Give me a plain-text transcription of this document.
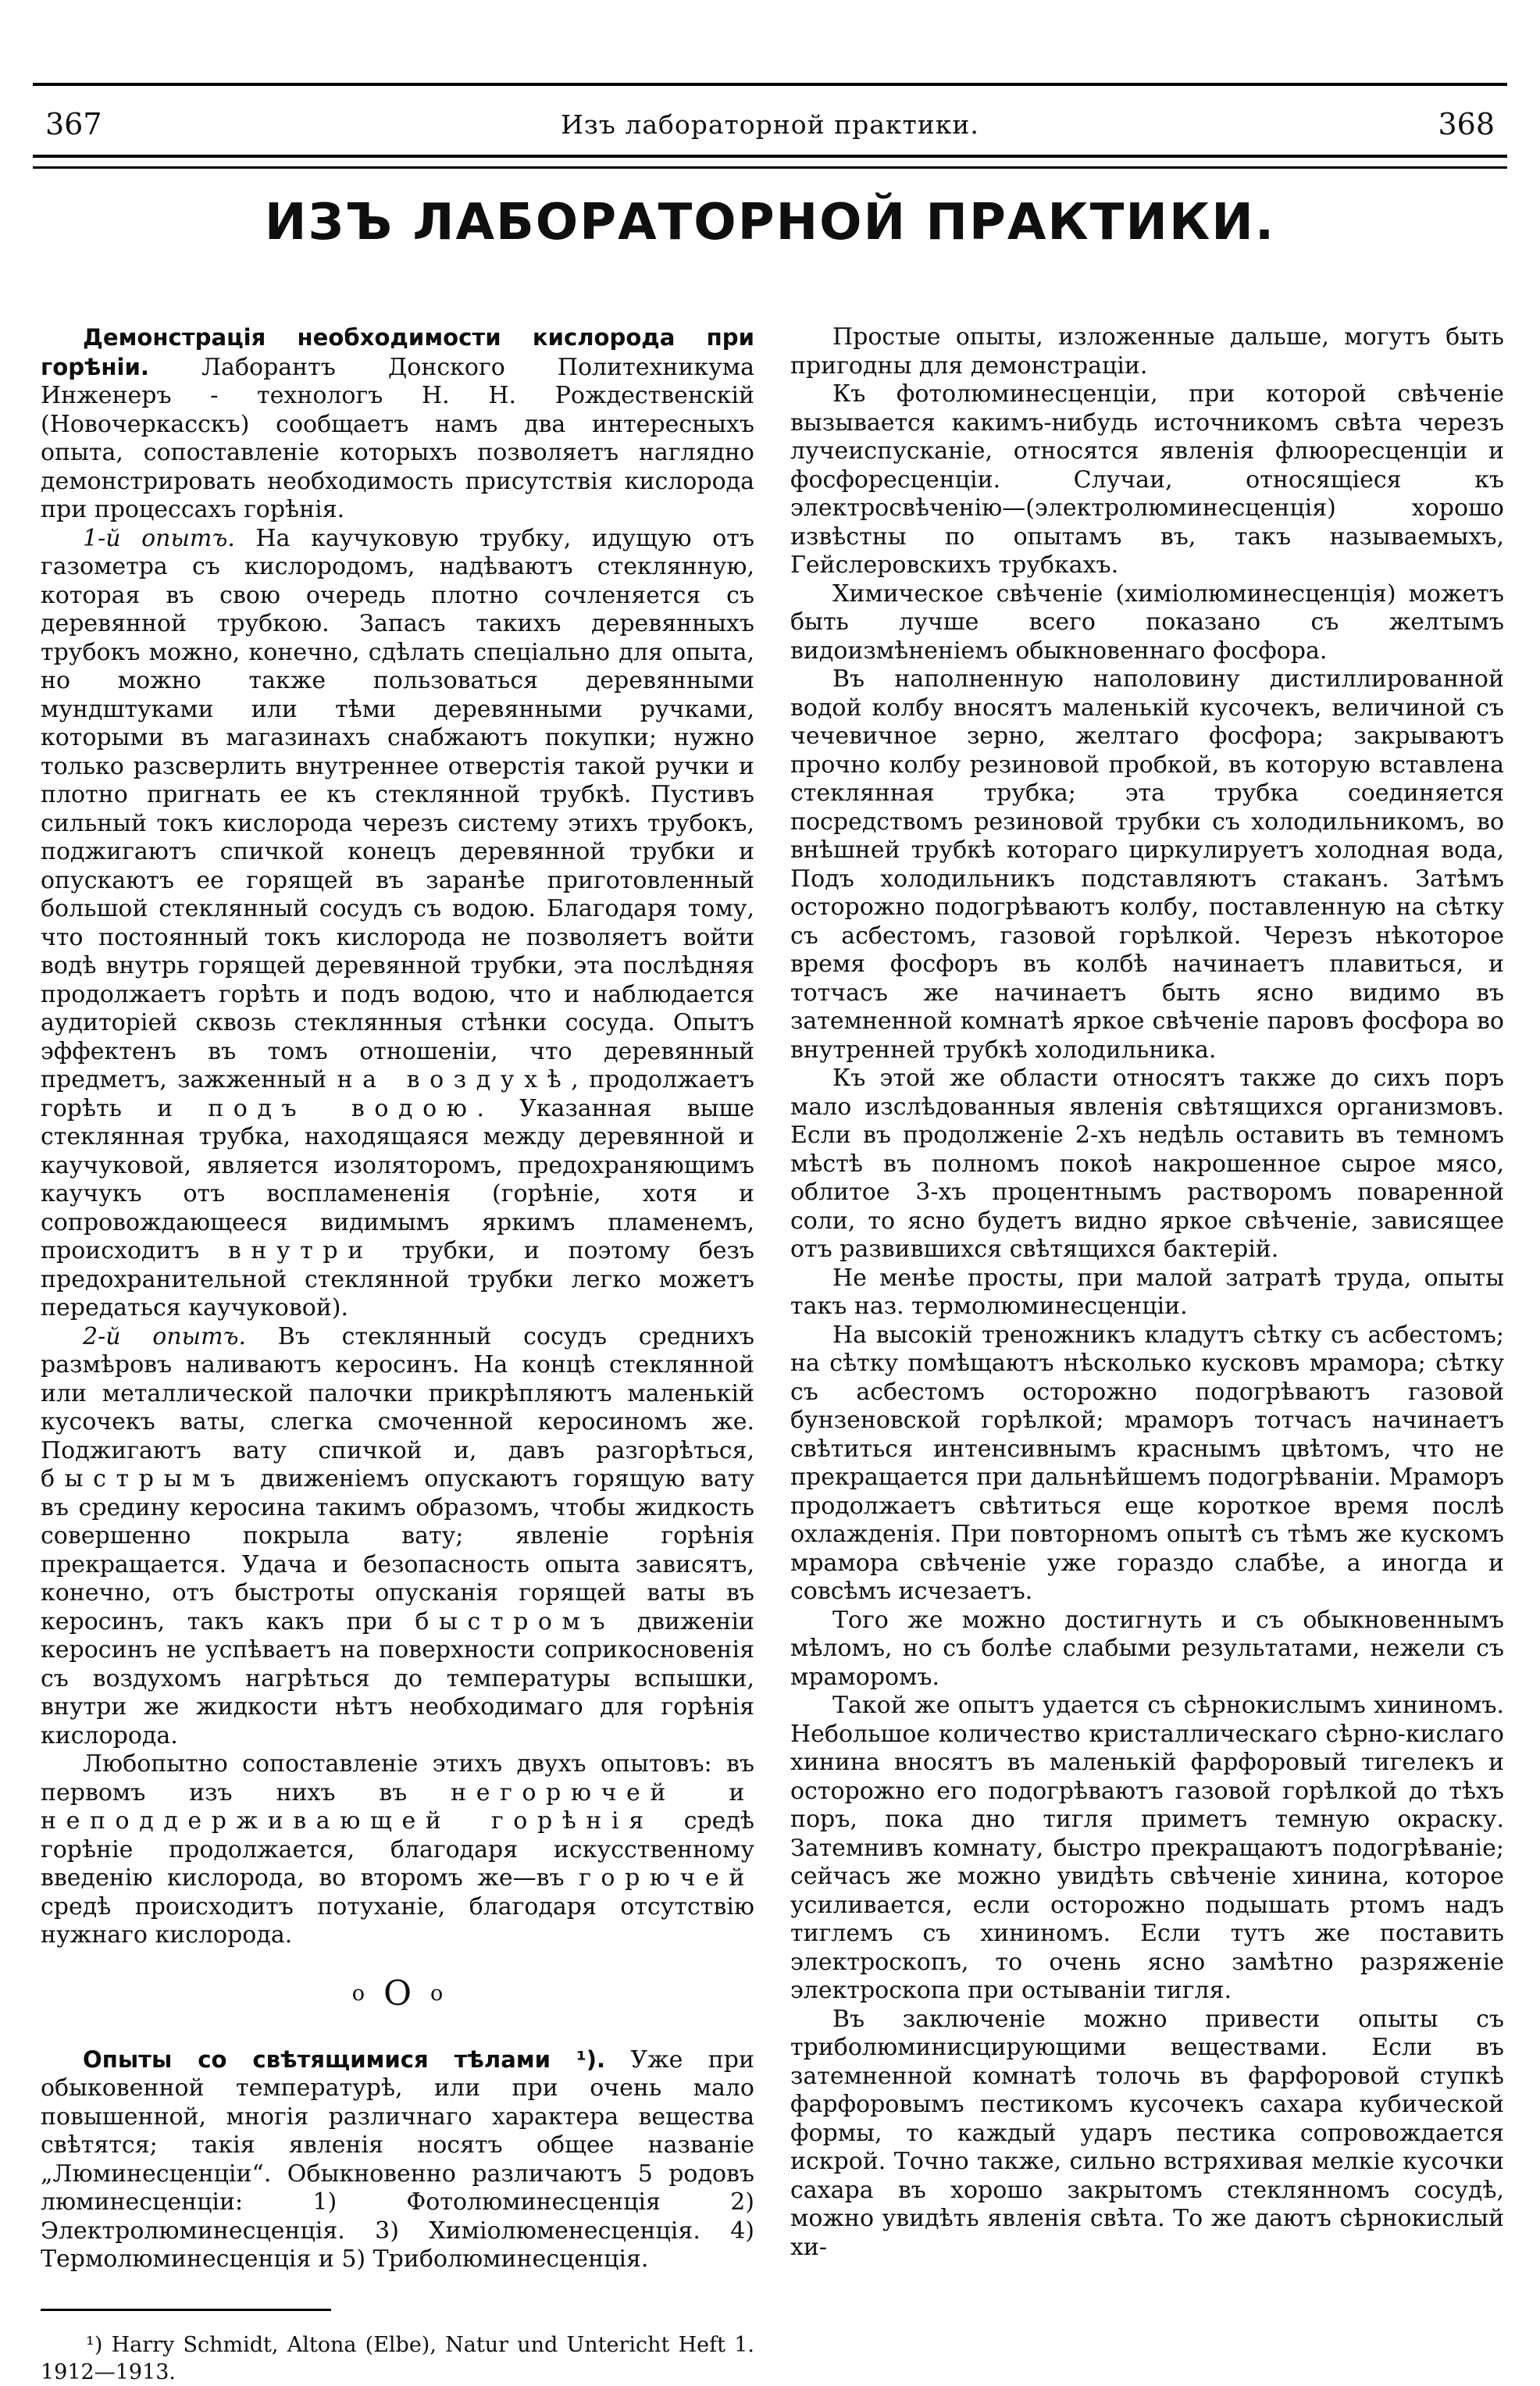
367	Изъ лабораторной практики.	368
ИЗЪ ЛАБОРАТОРНОЙ ПРАКТИКИ.

Демонстрація необходимости кислорода при горѣніи. Лаборантъ Донского Политехникума Инженеръ - технологъ Н. Н. Рождественскій (Новочеркасскъ) сообщаетъ намъ два интересныхъ опыта, сопоставленіе которыхъ позволяетъ наглядно демонстрировать необходимость присутствія кислорода при процессахъ горѣнія.

1-й опытъ. На каучуковую трубку, идущую отъ газометра съ кислородомъ, надѣваютъ стеклянную, которая въ свою очередь плотно сочленяется съ деревянной трубкою. Запасъ такихъ деревянныхъ трубокъ можно, конечно, сдѣлать спеціально для опыта, но можно также пользоваться деревянными мундштуками или тѣми деревянными ручками, которыми въ магазинахъ снабжаютъ покупки; нужно только разсверлить внутреннее отверстія такой ручки и плотно пригнать ее къ стеклянной трубкѣ. Пустивъ сильный токъ кислорода черезъ систему этихъ трубокъ, поджигаютъ спичкой конецъ деревянной трубки и опускаютъ ее горящей въ заранѣе приготовленный большой стеклянный сосудъ съ водою. Благодаря тому, что постоянный токъ кислорода не позволяетъ войти водѣ внутрь горящей деревянной трубки, эта послѣдняя продолжаетъ горѣть и подъ водою, что и наблюдается аудиторіей сквозь стеклянныя стѣнки сосуда. Опытъ эффектенъ въ томъ отношеніи, что деревянный предметъ, зажженный на воздухѣ, продолжаетъ горѣть и подъ водою. Указанная выше стеклянная трубка, находящаяся между деревянной и каучуковой, является изоляторомъ, предохраняющимъ каучукъ отъ воспламененія (горѣніе, хотя и сопровождающееся видимымъ яркимъ пламенемъ, происходитъ внутри трубки, и поэтому безъ предохранительной стеклянной трубки легко можетъ передаться каучуковой).

2-й опытъ. Въ стеклянный сосудъ среднихъ размѣровъ наливаютъ керосинъ. На концѣ стеклянной или металлической палочки прикрѣпляютъ маленькій кусочекъ ваты, слегка смоченной керосиномъ же. Поджигаютъ вату спичкой и, давъ разгорѣться, быстрымъ движеніемъ опускаютъ горящую вату въ средину керосина такимъ образомъ, чтобы жидкость совершенно покрыла вату; явленіе горѣнія прекращается. Удача и безопасность опыта зависятъ, конечно, отъ быстроты опусканія горящей ваты въ керосинъ, такъ какъ при быстромъ движеніи керосинъ не успѣваетъ на поверхности соприкосновенія съ воздухомъ нагрѣться до температуры вспышки, внутри же жидкости нѣтъ необходимаго для горѣнія кислорода.

Любопытно сопоставленіе этихъ двухъ опытовъ: въ первомъ изъ нихъ въ негорючей и неподдерживающей горѣнія средѣ горѣніе продолжается, благодаря искусственному введенію кислорода, во второмъ же—въ горючей средѣ происходитъ потуханіе, благодаря отсутствію нужнаго кислорода.

о О о

Опыты со свѣтящимися тѣлами ¹). Уже при обыковенной температурѣ, или при очень мало повышенной, многія различнаго характера вещества свѣтятся; такія явленія носятъ общее названіе „Люминесценціи“. Обыкновенно различаютъ 5 родовъ люминесценціи: 1) Фотолюминесценція 2) Электролюминесценція. 3) Химіолюменесценція. 4) Термолюминесценція и 5) Триболюминесценція.

¹) Harry Schmidt, Altona (Elbe), Natur und Untericht Heft 1. 1912—1913.

Простые опыты, изложенные дальше, могутъ быть пригодны для демонстраціи.

Къ фотолюминесценціи, при которой свѣченіе вызывается какимъ-нибудь источникомъ свѣта черезъ лучеиспусканіе, относятся явленія флюоресценціи и фосфоресценціи. Случаи, относящіеся къ электросвѣченію—(электролюминесценція) хорошо извѣстны по опытамъ въ, такъ называемыхъ, Гейслеровскихъ трубкахъ.

Химическое свѣченіе (химіолюминесценція) можетъ быть лучше всего показано съ желтымъ видоизмѣненіемъ обыкновеннаго фосфора.

Въ наполненную наполовину дистиллированной водой колбу вносятъ маленькій кусочекъ, величиной съ чечевичное зерно, желтаго фосфора; закрываютъ прочно колбу резиновой пробкой, въ которую вставлена стеклянная трубка; эта трубка соединяется посредствомъ резиновой трубки съ холодильникомъ, во внѣшней трубкѣ котораго циркулируетъ холодная вода, Подъ холодильникъ подставляютъ стаканъ. Затѣмъ осторожно подогрѣваютъ колбу, поставленную на сѣтку съ асбестомъ, газовой горѣлкой. Черезъ нѣкоторое время фосфоръ въ колбѣ начинаетъ плавиться, и тотчасъ же начинаетъ быть ясно видимо въ затемненной комнатѣ яркое свѣченіе паровъ фосфора во внутренней трубкѣ холодильника.

Къ этой же области относятъ также до сихъ поръ мало изслѣдованныя явленія свѣтящихся организмовъ. Если въ продолженіе 2-хъ недѣль оставить въ темномъ мѣстѣ въ полномъ покоѣ накрошенное сырое мясо, облитое 3-хъ процентнымъ растворомъ поваренной соли, то ясно будетъ видно яркое свѣченіе, зависящее отъ развившихся свѣтящихся бактерій.

Не менѣе просты, при малой затратѣ труда, опыты такъ наз. термолюминесценціи.

На высокій треножникъ кладутъ сѣтку съ асбестомъ; на сѣтку помѣщаютъ нѣсколько кусковъ мрамора; сѣтку съ асбестомъ осторожно подогрѣваютъ газовой бунзеновской горѣлкой; мраморъ тотчасъ начинаетъ свѣтиться интенсивнымъ краснымъ цвѣтомъ, что не прекращается при дальнѣйшемъ подогрѣваніи. Мраморъ продолжаетъ свѣтиться еще короткое время послѣ охлажденія. При повторномъ опытѣ съ тѣмъ же кускомъ мрамора свѣченіе уже гораздо слабѣе, а иногда и совсѣмъ исчезаетъ.

Того же можно достигнуть и съ обыкновеннымъ мѣломъ, но съ болѣе слабыми результатами, нежели съ мраморомъ.

Такой же опытъ удается съ сѣрнокислымъ хининомъ. Небольшое количество кристаллическаго сѣрно-кислаго хинина вносятъ въ маленькій фарфоровый тигелекъ и осторожно его подогрѣваютъ газовой горѣлкой до тѣхъ поръ, пока дно тигля приметъ темную окраску. Затемнивъ комнату, быстро прекращаютъ подогрѣваніе; сейчасъ же можно увидѣть свѣченіе хинина, которое усиливается, если осторожно подышать ртомъ надъ тиглемъ съ хининомъ. Если тутъ же поставить электроскопъ, то очень ясно замѣтно разряженіе электроскопа при остываніи тигля.

Въ заключеніе можно привести опыты съ триболюминисцирующими веществами. Если въ затемненной комнатѣ толочь въ фарфоровой ступкѣ фарфоровымъ пестикомъ кусочекъ сахара кубической формы, то каждый ударъ пестика сопровождается искрой. Точно также, сильно встряхивая мелкіе кусочки сахара въ хорошо закрытомъ стеклянномъ сосудѣ, можно увидѣть явленія свѣта. То же даютъ сѣрнокислый хи-
